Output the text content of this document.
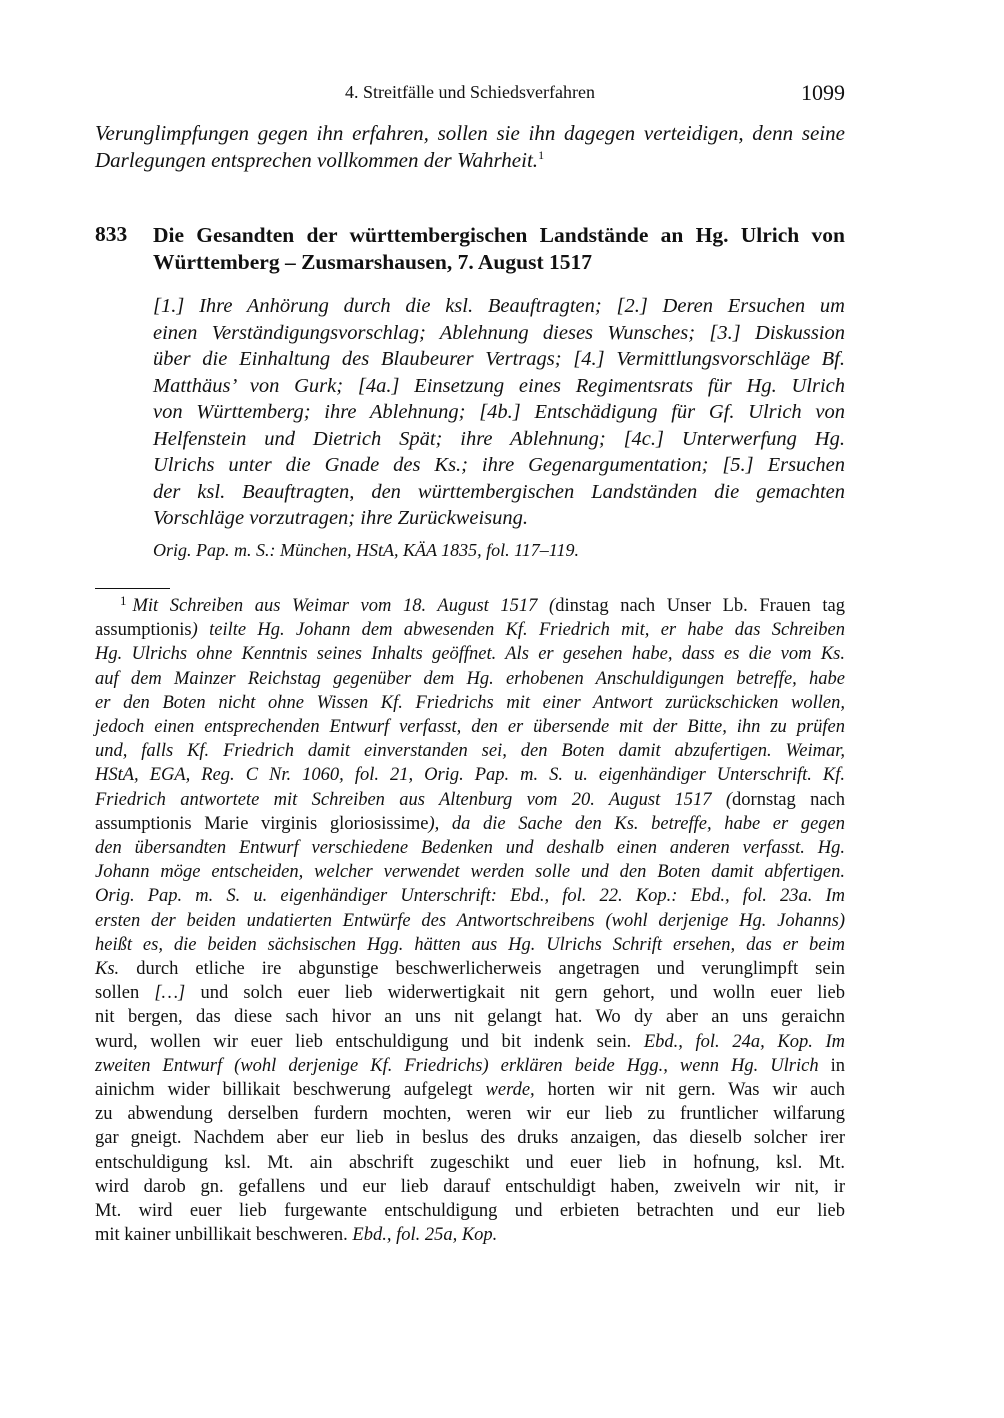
4. Streitfälle und Schiedsverfahren	1099
Verunglimpfungen gegen ihn erfahren, sollen sie ihn dagegen verteidigen, denn seine
Darlegungen entsprechen vollkommen der Wahrheit.$^1$
833 Die Gesandten der württembergischen Landstände an Hg. Ulrich von
Württemberg – Zusmarshausen, 7. August 1517
[1.] Ihre Anhörung durch die ksl. Beauftragten; [2.] Deren Ersuchen um
einen Verständigungsvorschlag; Ablehnung dieses Wunsches; [3.] Diskussion
über die Einhaltung des Blaubeurer Vertrags; [4.] Vermittlungsvorschläge Bf.
Matthäus’ von Gurk; [4a.] Einsetzung eines Regimentsrats für Hg. Ulrich
von Württemberg; ihre Ablehnung; [4b.] Entschädigung für Gf. Ulrich von
Helfenstein und Dietrich Spät; ihre Ablehnung; [4c.] Unterwerfung Hg.
Ulrichs unter die Gnade des Ks.; ihre Gegenargumentation; [5.] Ersuchen
der ksl. Beauftragten, den württembergischen Landständen die gemachten
Vorschläge vorzutragen; ihre Zurückweisung.
Orig. Pap. m. S.: München, HStA, KÄA 1835, fol. 117–119.
$^1$ Mit Schreiben aus Weimar vom 18. August 1517 (dinstag nach Unser Lb. Frauen tag
assumptionis) teilte Hg. Johann dem abwesenden Kf. Friedrich mit, er habe das Schreiben
Hg. Ulrichs ohne Kenntnis seines Inhalts geöffnet. Als er gesehen habe, dass es die vom Ks.
auf dem Mainzer Reichstag gegenüber dem Hg. erhobenen Anschuldigungen betreffe, habe
er den Boten nicht ohne Wissen Kf. Friedrichs mit einer Antwort zurückschicken wollen,
jedoch einen entsprechenden Entwurf verfasst, den er übersende mit der Bitte, ihn zu prüfen
und, falls Kf. Friedrich damit einverstanden sei, den Boten damit abzufertigen. Weimar,
HStA, EGA, Reg. C Nr. 1060, fol. 21, Orig. Pap. m. S. u. eigenhändiger Unterschrift. Kf.
Friedrich antwortete mit Schreiben aus Altenburg vom 20. August 1517 (dornstag nach
assumptionis Marie virginis gloriosissime), da die Sache den Ks. betreffe, habe er gegen
den übersandten Entwurf verschiedene Bedenken und deshalb einen anderen verfasst. Hg.
Johann möge entscheiden, welcher verwendet werden solle und den Boten damit abfertigen.
Orig. Pap. m. S. u. eigenhändiger Unterschrift: Ebd., fol. 22. Kop.: Ebd., fol. 23a. Im
ersten der beiden undatierten Entwürfe des Antwortschreibens (wohl derjenige Hg. Johanns)
heißt es, die beiden sächsischen Hgg. hätten aus Hg. Ulrichs Schrift ersehen, das er beim
Ks. durch etliche ire abgunstige beschwerlicherweis angetragen und verunglimpft sein
sollen […] und solch euer lieb widerwertigkait nit gern gehort, und wolln euer lieb
nit bergen, das diese sach hivor an uns nit gelangt hat. Wo dy aber an uns geraichn
wurd, wollen wir euer lieb entschuldigung und bit indenk sein. Ebd., fol. 24a, Kop. Im
zweiten Entwurf (wohl derjenige Kf. Friedrichs) erklären beide Hgg., wenn Hg. Ulrich in
ainichm wider billikait beschwerung aufgelegt werde, horten wir nit gern. Was wir auch
zu abwendung derselben furdern mochten, weren wir eur lieb zu fruntlicher wilfarung
gar gneigt. Nachdem aber eur lieb in beslus des druks anzaigen, das dieselb solcher irer
entschuldigung ksl. Mt. ain abschrift zugeschikt und euer lieb in hofnung, ksl. Mt.
wird darob gn. gefallens und eur lieb darauf entschuldigt haben, zweiveln wir nit, ir
Mt. wird euer lieb furgewante entschuldigung und erbieten betrachten und eur lieb
mit kainer unbillikait beschweren. Ebd., fol. 25a, Kop.
